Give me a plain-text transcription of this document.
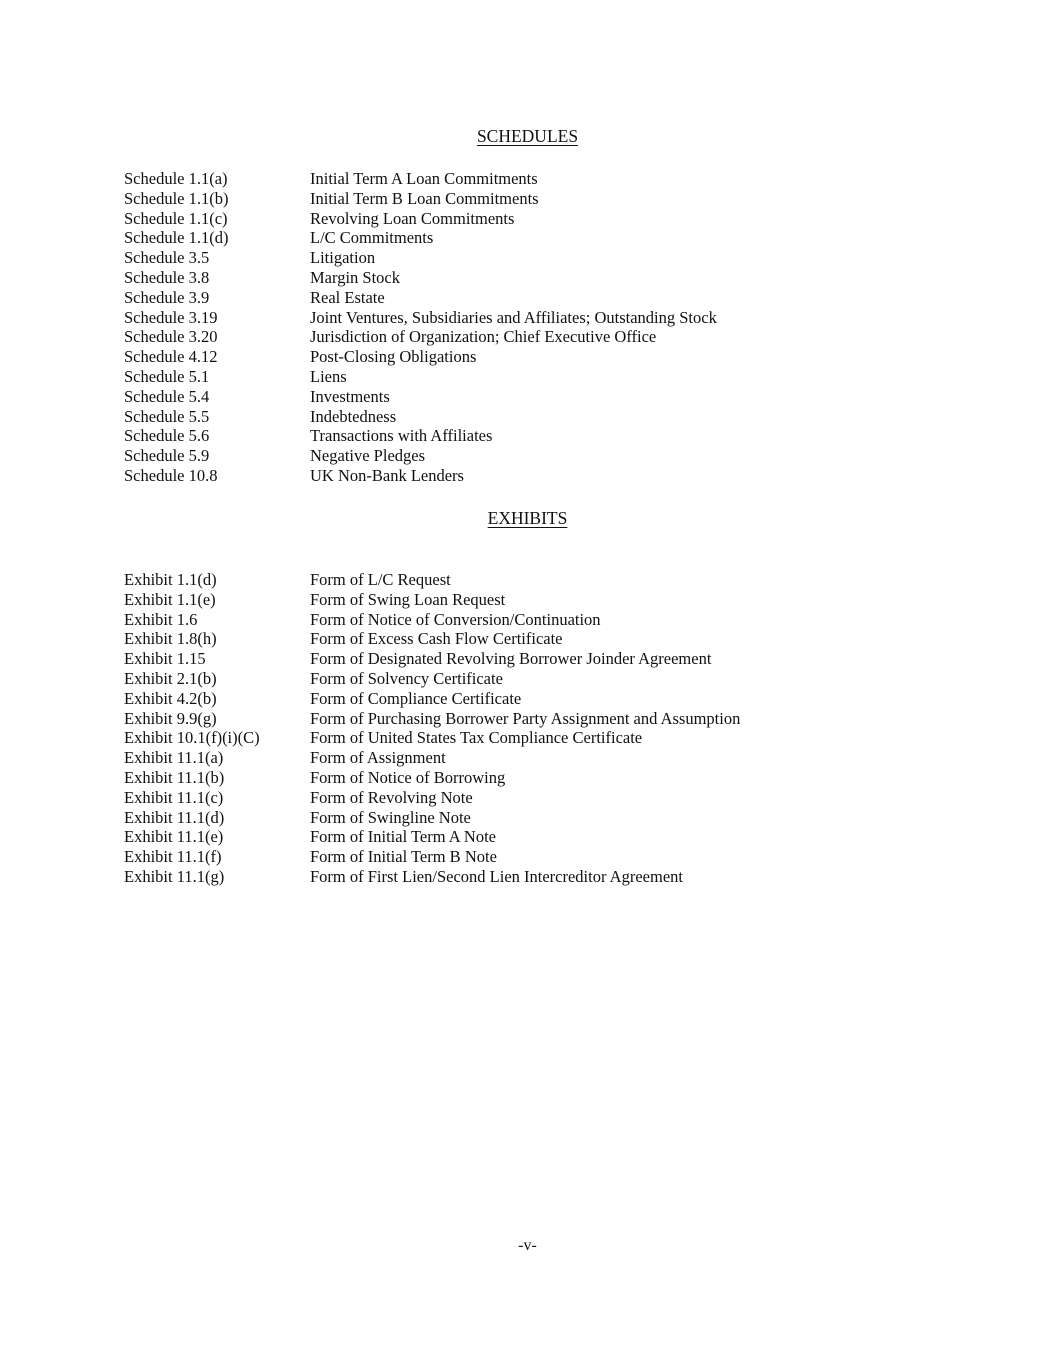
SCHEDULES
Schedule 1.1(a)	Initial Term A Loan Commitments
Schedule 1.1(b)	Initial Term B Loan Commitments
Schedule 1.1(c)	Revolving Loan Commitments
Schedule 1.1(d)	L/C Commitments
Schedule 3.5	Litigation
Schedule 3.8	Margin Stock
Schedule 3.9	Real Estate
Schedule 3.19	Joint Ventures, Subsidiaries and Affiliates; Outstanding Stock
Schedule 3.20	Jurisdiction of Organization; Chief Executive Office
Schedule 4.12	Post-Closing Obligations
Schedule 5.1	Liens
Schedule 5.4	Investments
Schedule 5.5	Indebtedness
Schedule 5.6	Transactions with Affiliates
Schedule 5.9	Negative Pledges
Schedule 10.8	UK Non-Bank Lenders
EXHIBITS
Exhibit 1.1(d)	Form of L/C Request
Exhibit 1.1(e)	Form of Swing Loan Request
Exhibit 1.6	Form of Notice of Conversion/Continuation
Exhibit 1.8(h)	Form of Excess Cash Flow Certificate
Exhibit 1.15	Form of Designated Revolving Borrower Joinder Agreement
Exhibit 2.1(b)	Form of Solvency Certificate
Exhibit 4.2(b)	Form of Compliance Certificate
Exhibit 9.9(g)	Form of Purchasing Borrower Party Assignment and Assumption
Exhibit 10.1(f)(i)(C)	Form of United States Tax Compliance Certificate
Exhibit 11.1(a)	Form of Assignment
Exhibit 11.1(b)	Form of Notice of Borrowing
Exhibit 11.1(c)	Form of Revolving Note
Exhibit 11.1(d)	Form of Swingline Note
Exhibit 11.1(e)	Form of Initial Term A Note
Exhibit 11.1(f)	Form of Initial Term B Note
Exhibit 11.1(g)	Form of First Lien/Second Lien Intercreditor Agreement
-v-
